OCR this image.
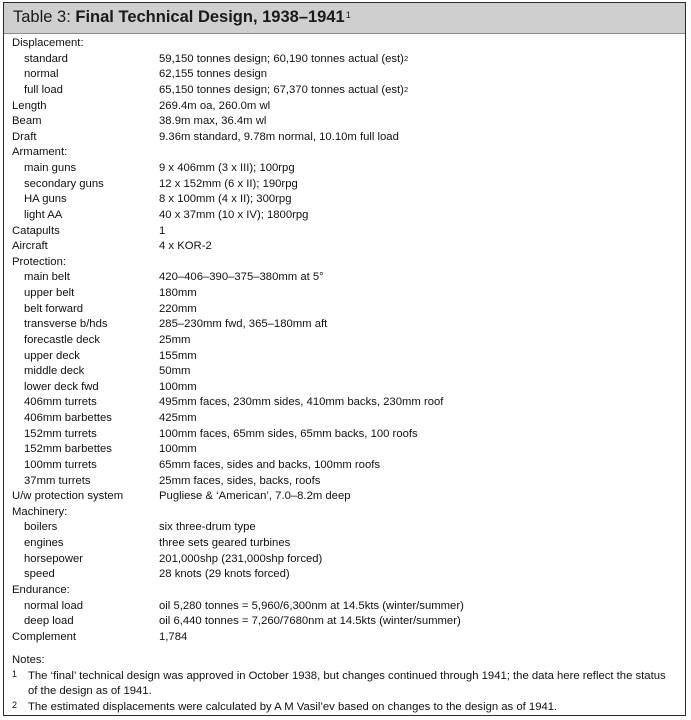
Table 3: Final Technical Design, 1938–1941$^1$
Displacement:
standard	59,150 tonnes design; 60,190 tonnes actual (est)$^2$
normal	62,155 tonnes design
full load	65,150 tonnes design; 67,370 tonnes actual (est)$^2$
Length	269.4m oa, 260.0m wl
Beam	38.9m max, 36.4m wl
Draft	9.36m standard, 9.78m normal, 10.10m full load
Armament:
main guns	9 x 406mm (3 x III); 100rpg
secondary guns	12 x 152mm (6 x II); 190rpg
HA guns	8 x 100mm (4 x II); 300rpg
light AA	40 x 37mm (10 x IV); 1800rpg
Catapults	1
Aircraft	4 x KOR-2
Protection:
main belt	420–406–390–375–380mm at 5°
upper belt	180mm
belt forward	220mm
transverse b/hds	285–230mm fwd, 365–180mm aft
forecastle deck	25mm
upper deck	155mm
middle deck	50mm
lower deck fwd	100mm
406mm turrets	495mm faces, 230mm sides, 410mm backs, 230mm roof
406mm barbettes	425mm
152mm turrets	100mm faces, 65mm sides, 65mm backs, 100 roofs
152mm barbettes	100mm
100mm turrets	65mm faces, sides and backs, 100mm roofs
37mm turrets	25mm faces, sides, backs, roofs
U/w protection system	Pugliese & ‘American’, 7.0–8.2m deep
Machinery:
boilers	six three-drum type
engines	three sets geared turbines
horsepower	201,000shp (231,000shp forced)
speed	28 knots (29 knots forced)
Endurance:
normal load	oil 5,280 tonnes = 5,960/6,300nm at 14.5kts (winter/summer)
deep load	oil 6,440 tonnes = 7,260/7680nm at 14.5kts (winter/summer)
Complement	1,784
Notes:
1 The ‘final’ technical design was approved in October 1938, but changes continued through 1941; the data here reflect the status of the design as of 1941.
2 The estimated displacements were calculated by A M Vasil’ev based on changes to the design as of 1941.
